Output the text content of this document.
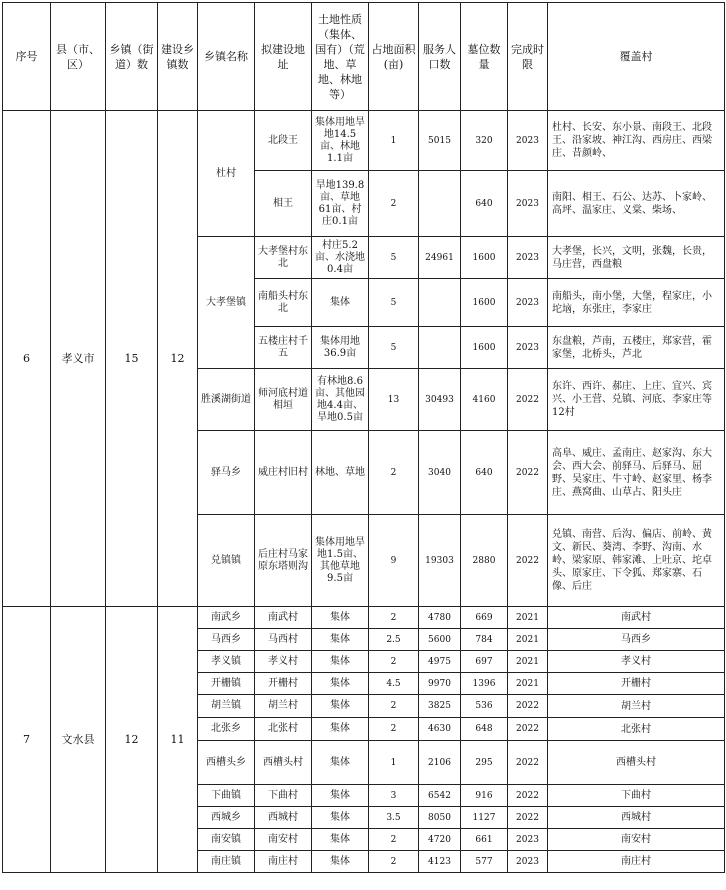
序号	县（市、区）	乡镇（街道）数	建设乡镇数	乡镇名称	拟建设地址	土地性质（集体、国有）（荒地、草地、林地等）	占地面积(亩)	服务人口数	墓位数量	完成时限	覆盖村
6	孝义市	15	12	杜村	北段王	集体用地旱地14.5亩、林地1.1亩	1	5015	320	2023	杜村、长安、东小景、南段王、北段王、沿家坡、神江沟、西房庄、西梁庄、昔颜岭、
					相王	旱地139.8亩、草地61亩、村庄0.1亩	2		640	2023	南阳、相王、石公、达苏、卜家岭、高坪、温家庄、义棠、柴场、
				大孝堡镇	大孝堡村东北	村庄5.2亩、水浇地0.4亩	5	24961	1600	2023	大孝堡，长兴，文明，张魏，长贵，马庄营，西盘粮
					南船头村东北	集体	5		1600	2023	南船头，南小堡，大堡，程家庄，小坨垴，东张庄，李家庄
					五楼庄村千五	集体用地36.9亩	5		1600	2023	东盘粮，芦南，五楼庄，郑家营，霍家堡，北桥头，芦北
				胜溪湖街道	师河底村道相垣	有林地8.6亩、其他园地4.4亩、旱地0.5亩	13	30493	4160	2022	东许、西许、郝庄、上庄、宜兴、宾兴、小王营、兑镇、河底、李家庄等12村
				驿马乡	威庄村旧村	林地、草地	2	3040	640	2022	高阜、威庄、孟南庄、赵家沟、东大会、西大会、前驿马、后驿马、屈野、吴家庄、牛寸岭、赵家里、杨李庄、燕窝曲、山草占、阳头庄
				兑镇镇	后庄村马家原东塔则沟	集体用地旱地1.5亩、其他草地9.5亩	9	19303	2880	2022	兑镇、南营、后沟、偏店、前岭、黄文、新民、葵湾、李野、沟南、水岭、梁家原、韩家滩、上吐京、坨卓头、原家庄、下令狐、郑家寨、石像、后庄
7	文水县	12	11	南武乡	南武村	集体	2	4780	669	2021	南武村
				马西乡	马西村	集体	2.5	5600	784	2021	马西乡
				孝义镇	孝义村	集体	2	4975	697	2021	孝义村
				开栅镇	开栅村	集体	4.5	9970	1396	2021	开栅村
				胡兰镇	胡兰村	集体	2	3825	536	2022	胡兰村
				北张乡	北张村	集体	2	4630	648	2022	北张村
				西槽头乡	西槽头村	集体	1	2106	295	2022	西槽头村
				下曲镇	下曲村	集体	3	6542	916	2022	下曲村
				西城乡	西城村	集体	3.5	8050	1127	2022	西城村
				南安镇	南安村	集体	2	4720	661	2023	南安村
				南庄镇	南庄村	集体	2	4123	577	2023	南庄村
